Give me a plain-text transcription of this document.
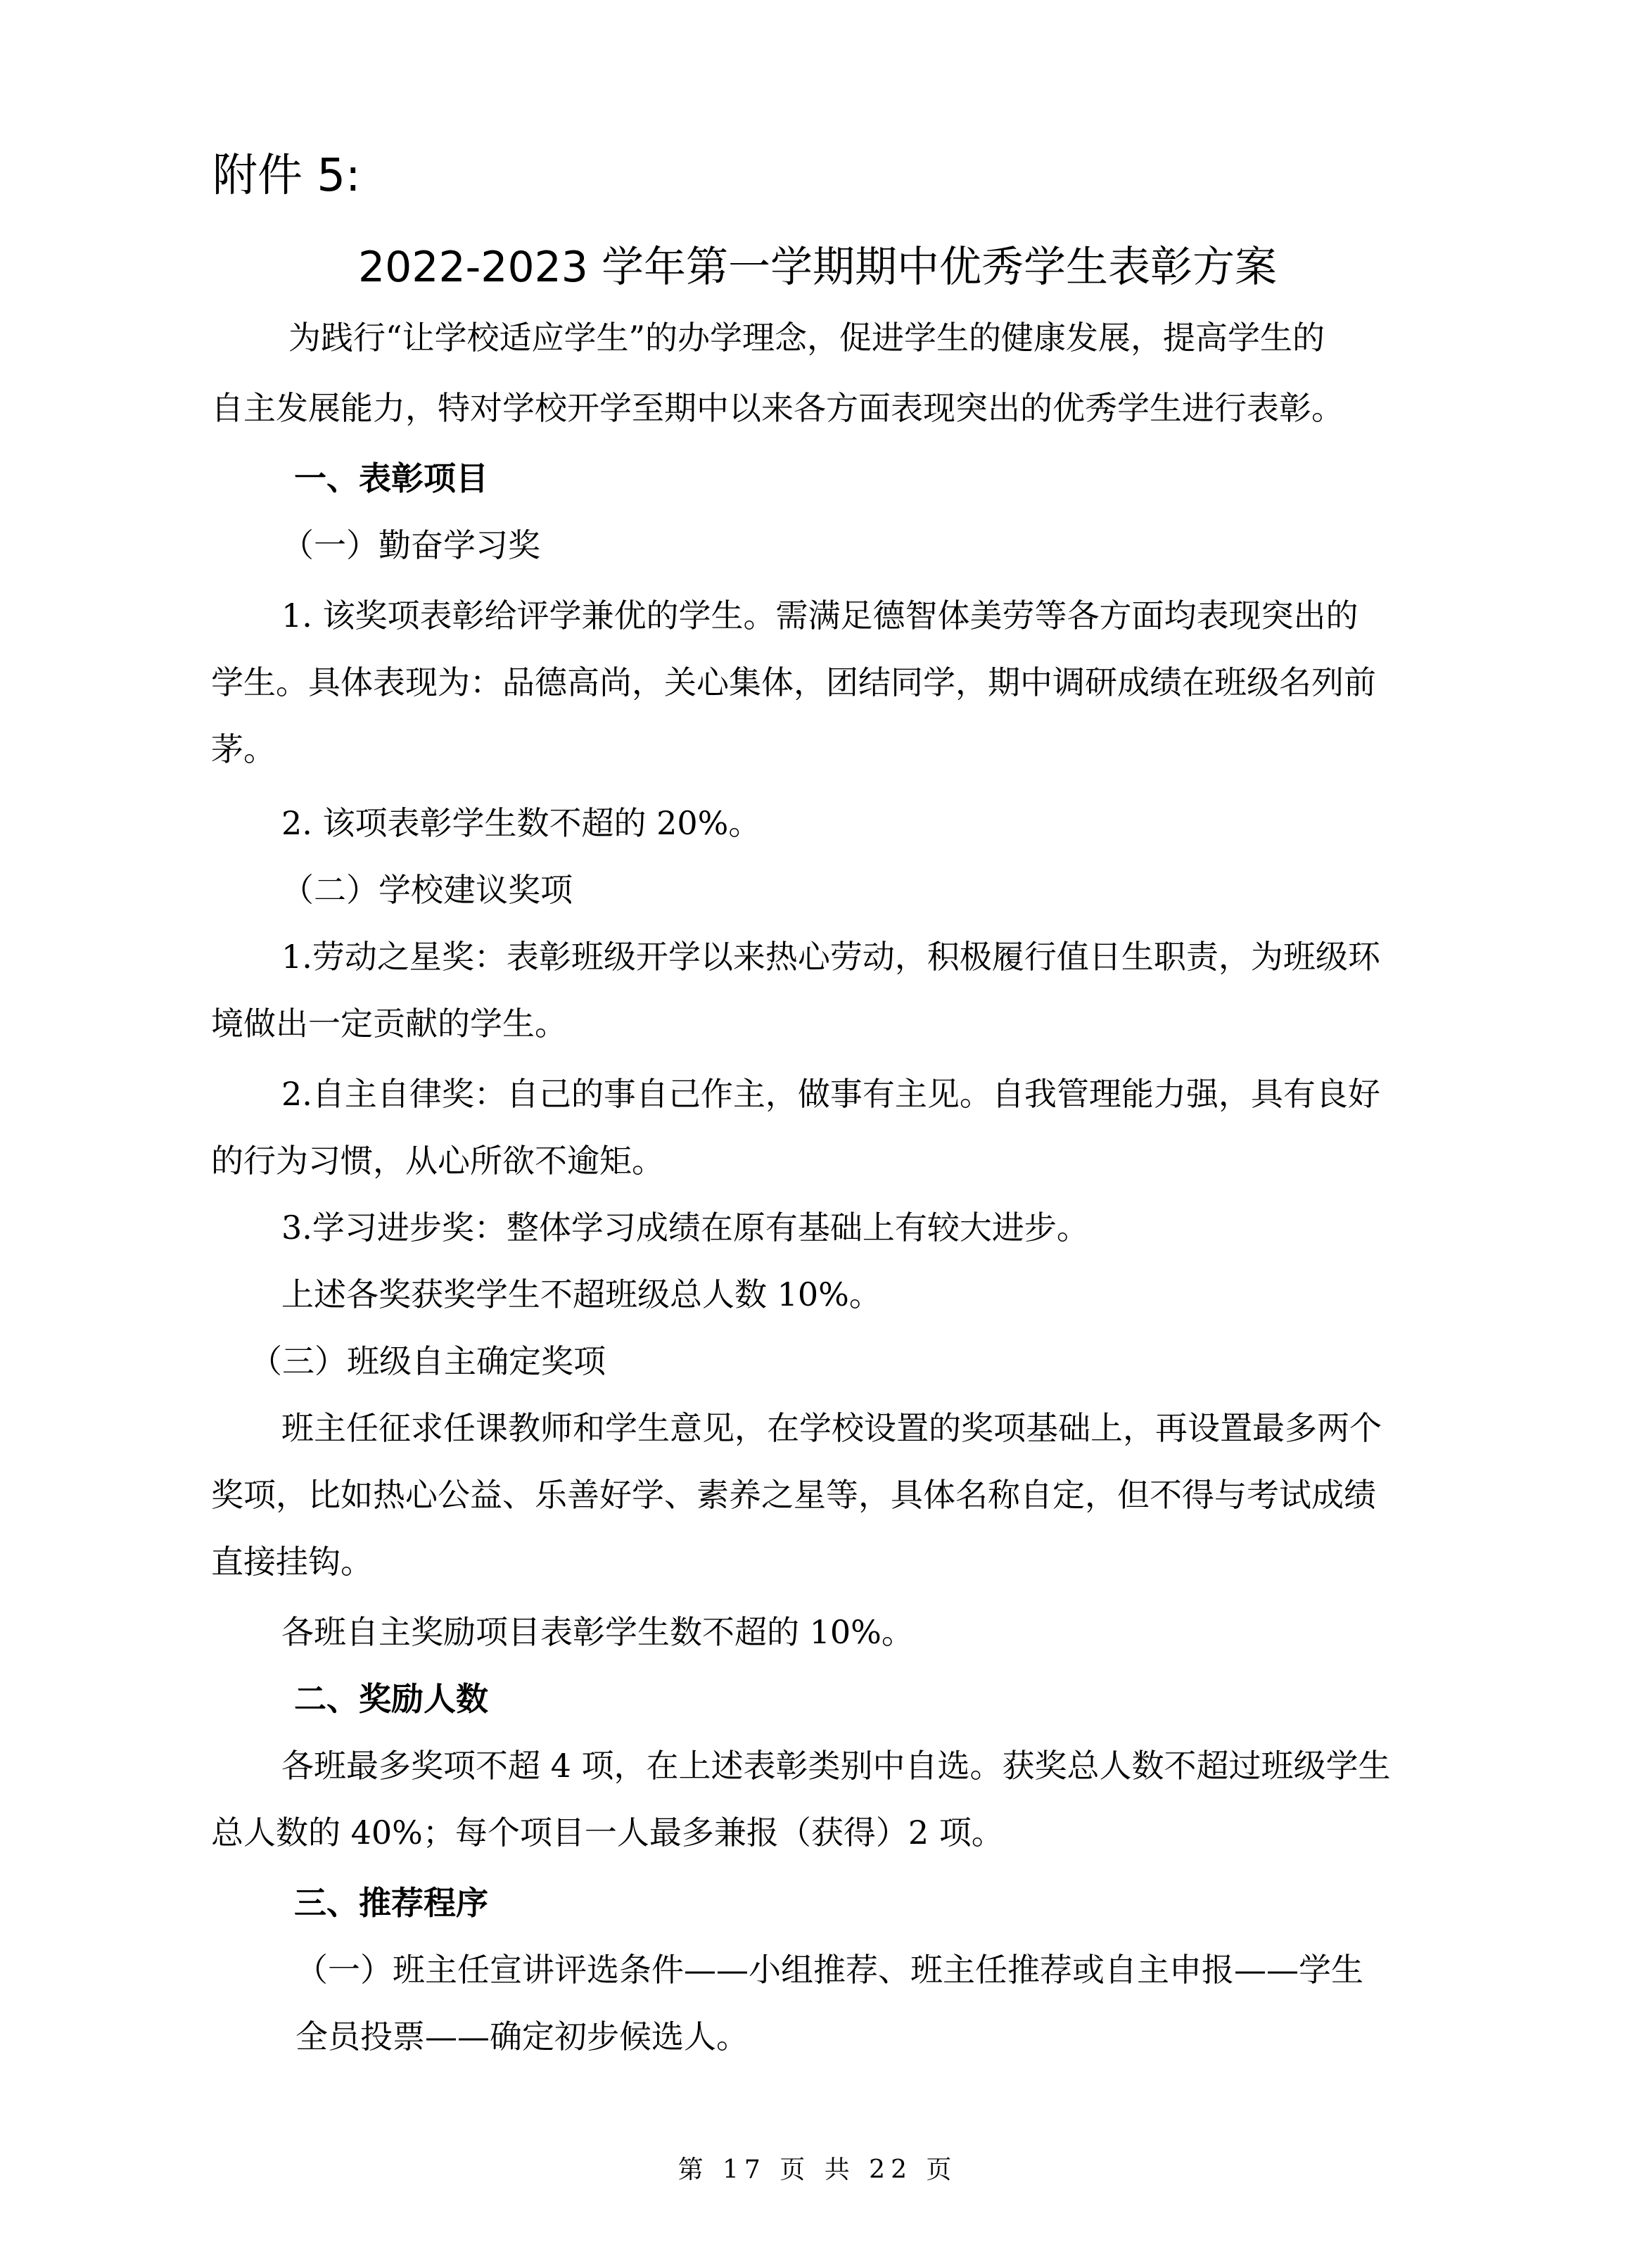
附件 5:
2022-2023 学年第一学期期中优秀学生表彰方案
为践行“让学校适应学生”的办学理念，促进学生的健康发展，提高学生的
自主发展能力，特对学校开学至期中以来各方面表现突出的优秀学生进行表彰。
一、表彰项目
（一）勤奋学习奖
1. 该奖项表彰给评学兼优的学生。需满足德智体美劳等各方面均表现突出的
学生。具体表现为：品德高尚，关心集体，团结同学，期中调研成绩在班级名列前
茅。
2. 该项表彰学生数不超的 20%。
（二）学校建议奖项
1.劳动之星奖：表彰班级开学以来热心劳动，积极履行值日生职责，为班级环
境做出一定贡献的学生。
2.自主自律奖：自己的事自己作主，做事有主见。自我管理能力强，具有良好
的行为习惯，从心所欲不逾矩。
3.学习进步奖：整体学习成绩在原有基础上有较大进步。
上述各奖获奖学生不超班级总人数 10%。
（三）班级自主确定奖项
班主任征求任课教师和学生意见，在学校设置的奖项基础上，再设置最多两个
奖项，比如热心公益、乐善好学、素养之星等，具体名称自定，但不得与考试成绩
直接挂钩。
各班自主奖励项目表彰学生数不超的 10%。
二、奖励人数
各班最多奖项不超 4 项，在上述表彰类别中自选。获奖总人数不超过班级学生
总人数的 40%；每个项目一人最多兼报（获得）2 项。
三、推荐程序
（一）班主任宣讲评选条件——小组推荐、班主任推荐或自主申报——学生
全员投票——确定初步候选人。
第 17 页 共 22 页
